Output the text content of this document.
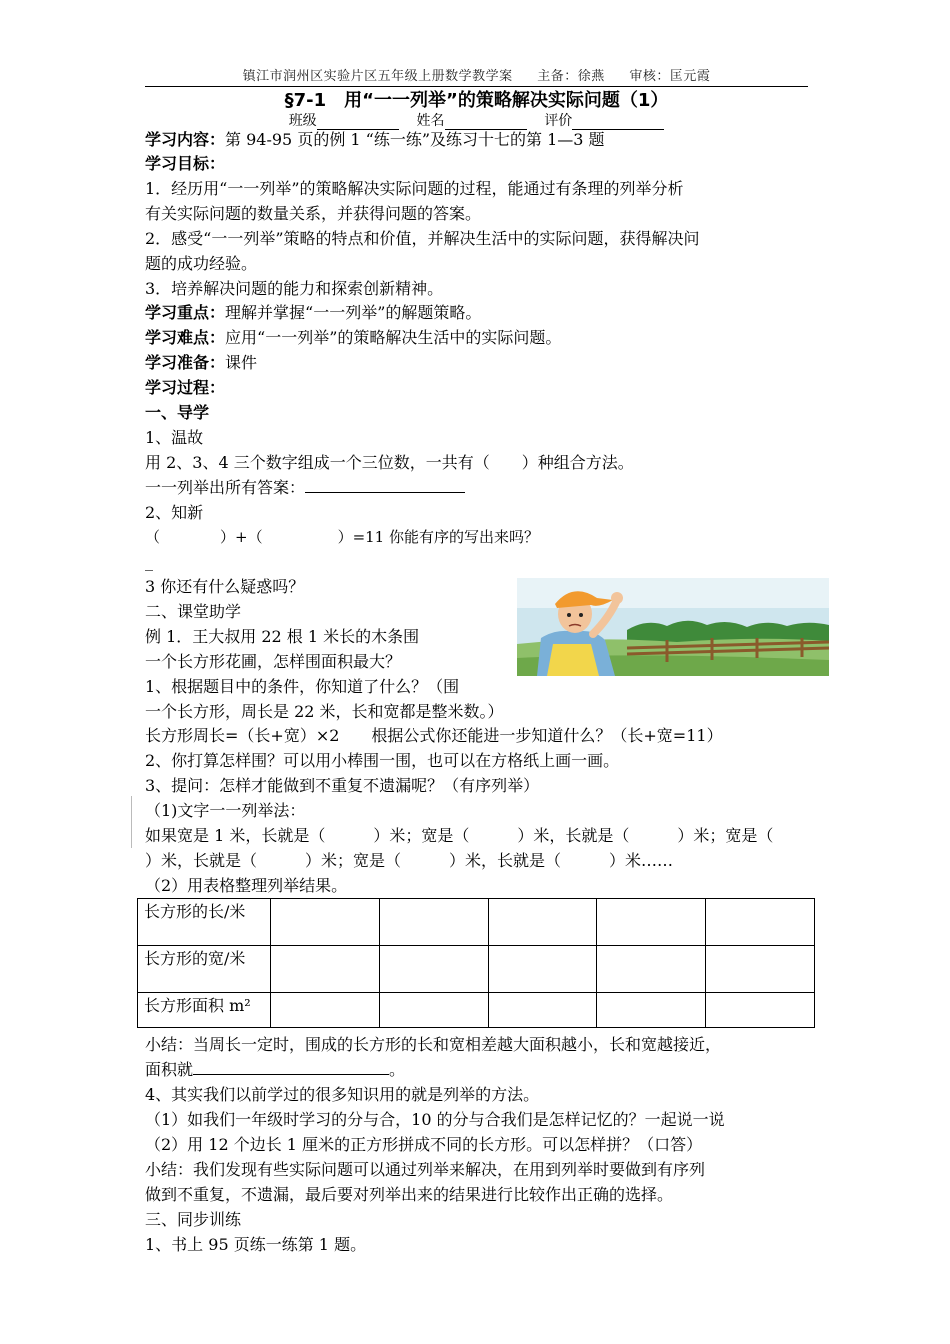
镇江市润州区实验片区五年级上册数学教学案 主备：徐燕 审核：匡元霞
§7-1　用“一一列举”的策略解决实际问题（1）
班级	姓名	评价
学习内容：第 94-95 页的例 1 “练一练”及练习十七的第 1—3 题
学习目标：
1．经历用“一一列举”的策略解决实际问题的过程，能通过有条理的列举分析
有关实际问题的数量关系，并获得问题的答案。
2．感受“一一列举”策略的特点和价值，并解决生活中的实际问题，获得解决问
题的成功经验。
3．培养解决问题的能力和探索创新精神。
学习重点：理解并掌握“一一列举”的解题策略。
学习难点：应用“一一列举”的策略解决生活中的实际问题。
学习准备：课件
学习过程：
一、导学
1、温故
用 2、3、4 三个数字组成一个三位数，一共有（　　）种组合方法。
一一列举出所有答案：
2、知新
（　　　　）+（　　　　　）=11 你能有序的写出来吗？
_
3 你还有什么疑惑吗？
二、课堂助学
例 1．王大叔用 22 根 1 米长的木条围
一个长方形花圃，怎样围面积最大？
1、根据题目中的条件，你知道了什么？（围
一个长方形，周长是 22 米，长和宽都是整米数。）
长方形周长=（长+宽）×2　　根据公式你还能进一步知道什么？（长+宽=11）
2、你打算怎样围？可以用小棒围一围，也可以在方格纸上画一画。
3、提问：怎样才能做到不重复不遗漏呢？（有序列举）
（1)文字一一列举法：
如果宽是 1 米，长就是（　　　）米；宽是（　　　）米，长就是（　　　）米；宽是（
）米，长就是（　　　）米；宽是（　　　）米，长就是（　　　）米……
（2）用表格整理列举结果。
长方形的长/米					
长方形的宽/米					
长方形面积 m²					
小结：当周长一定时，围成的长方形的长和宽相差越大面积越小，长和宽越接近，
面积就	。
4、其实我们以前学过的很多知识用的就是列举的方法。
（1）如我们一年级时学习的分与合，10 的分与合我们是怎样记忆的？一起说一说
（2）用 12 个边长 1 厘米的正方形拼成不同的长方形。可以怎样拼？（口答）
小结：我们发现有些实际问题可以通过列举来解决，在用到列举时要做到有序列
做到不重复，不遗漏，最后要对列举出来的结果进行比较作出正确的选择。
三、同步训练
1、书上 95 页练一练第 1 题。
